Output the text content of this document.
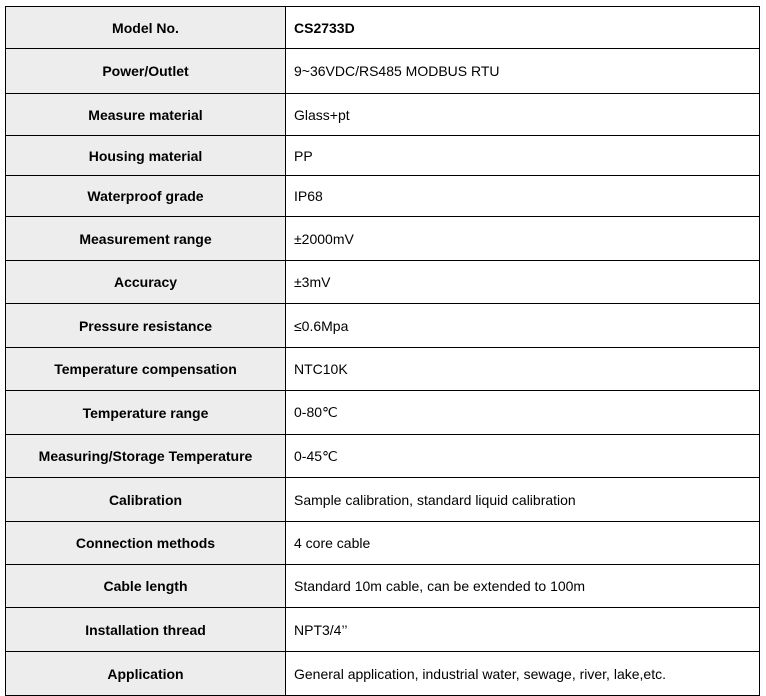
Model No.	CS2733D
Power/Outlet	9~36VDC/RS485 MODBUS RTU
Measure material	Glass+pt
Housing material	PP
Waterproof grade	IP68
Measurement range	±2000mV
Accuracy	±3mV
Pressure resistance	≤0.6Mpa
Temperature compensation	NTC10K
Temperature range	0-80℃
Measuring/Storage Temperature	0-45℃
Calibration	Sample calibration, standard liquid calibration
Connection methods	4 core cable
Cable length	Standard 10m cable, can be extended to 100m
Installation thread	NPT3/4’’
Application	General application, industrial water, sewage, river, lake,etc.
